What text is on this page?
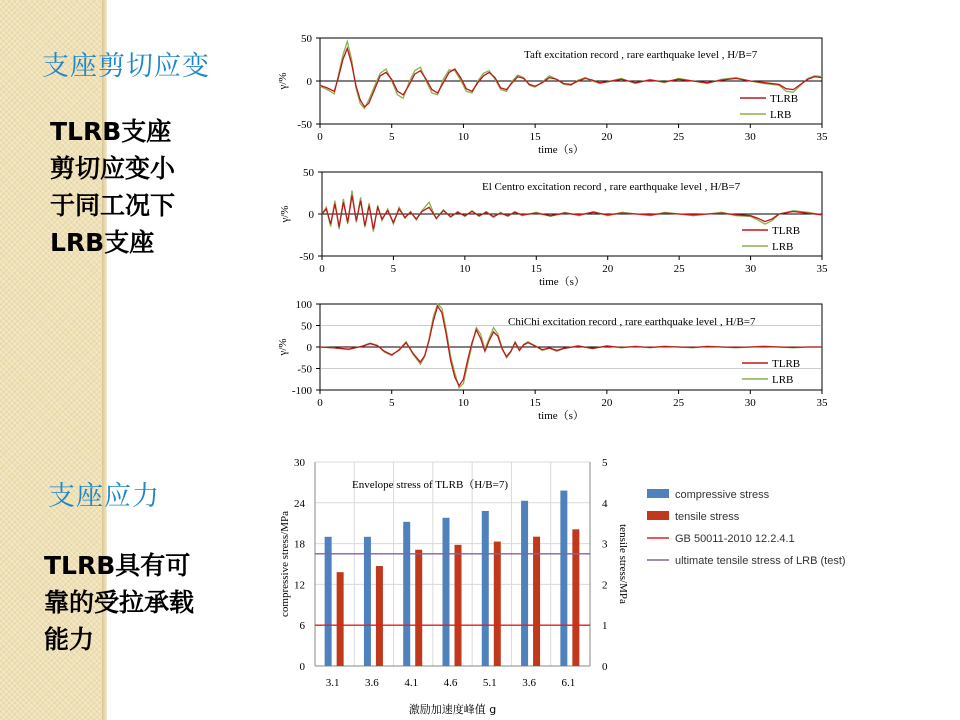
支座剪切应变
TLRB支座
剪切应变小
于同工况下
LRB支座
支座应力
TLRB具有可
靠的受拉承载
能力
50
0
-50
0	5	10	15	20	25	30	35
time（s）
γ/%
Taft excitation record , rare earthquake level , H/B=7
TLRB
LRB
50
0
-50
0	5	10	15	20	25	30	35
time（s）
γ/%
El Centro excitation record , rare earthquake level , H/B=7
TLRB
LRB
100
50
0
-50
-100
0	5	10	15	20	25	30	35
time（s）
γ/%
ChiChi excitation record , rare earthquake level , H/B=7
TLRB
LRB
30
24
18
12
6
0
5
4
3
2
1
0
3.1 3.6 4.1 4.6 5.1 3.6 6.1
Envelope stress of TLRB（H/B=7)
激励加速度峰值 g
compressive stress/MPa	tensile stress/MPa
compressive stress
tensile stress
GB 50011-2010 12.2.4.1
ultimate tensile stress of LRB (test)
